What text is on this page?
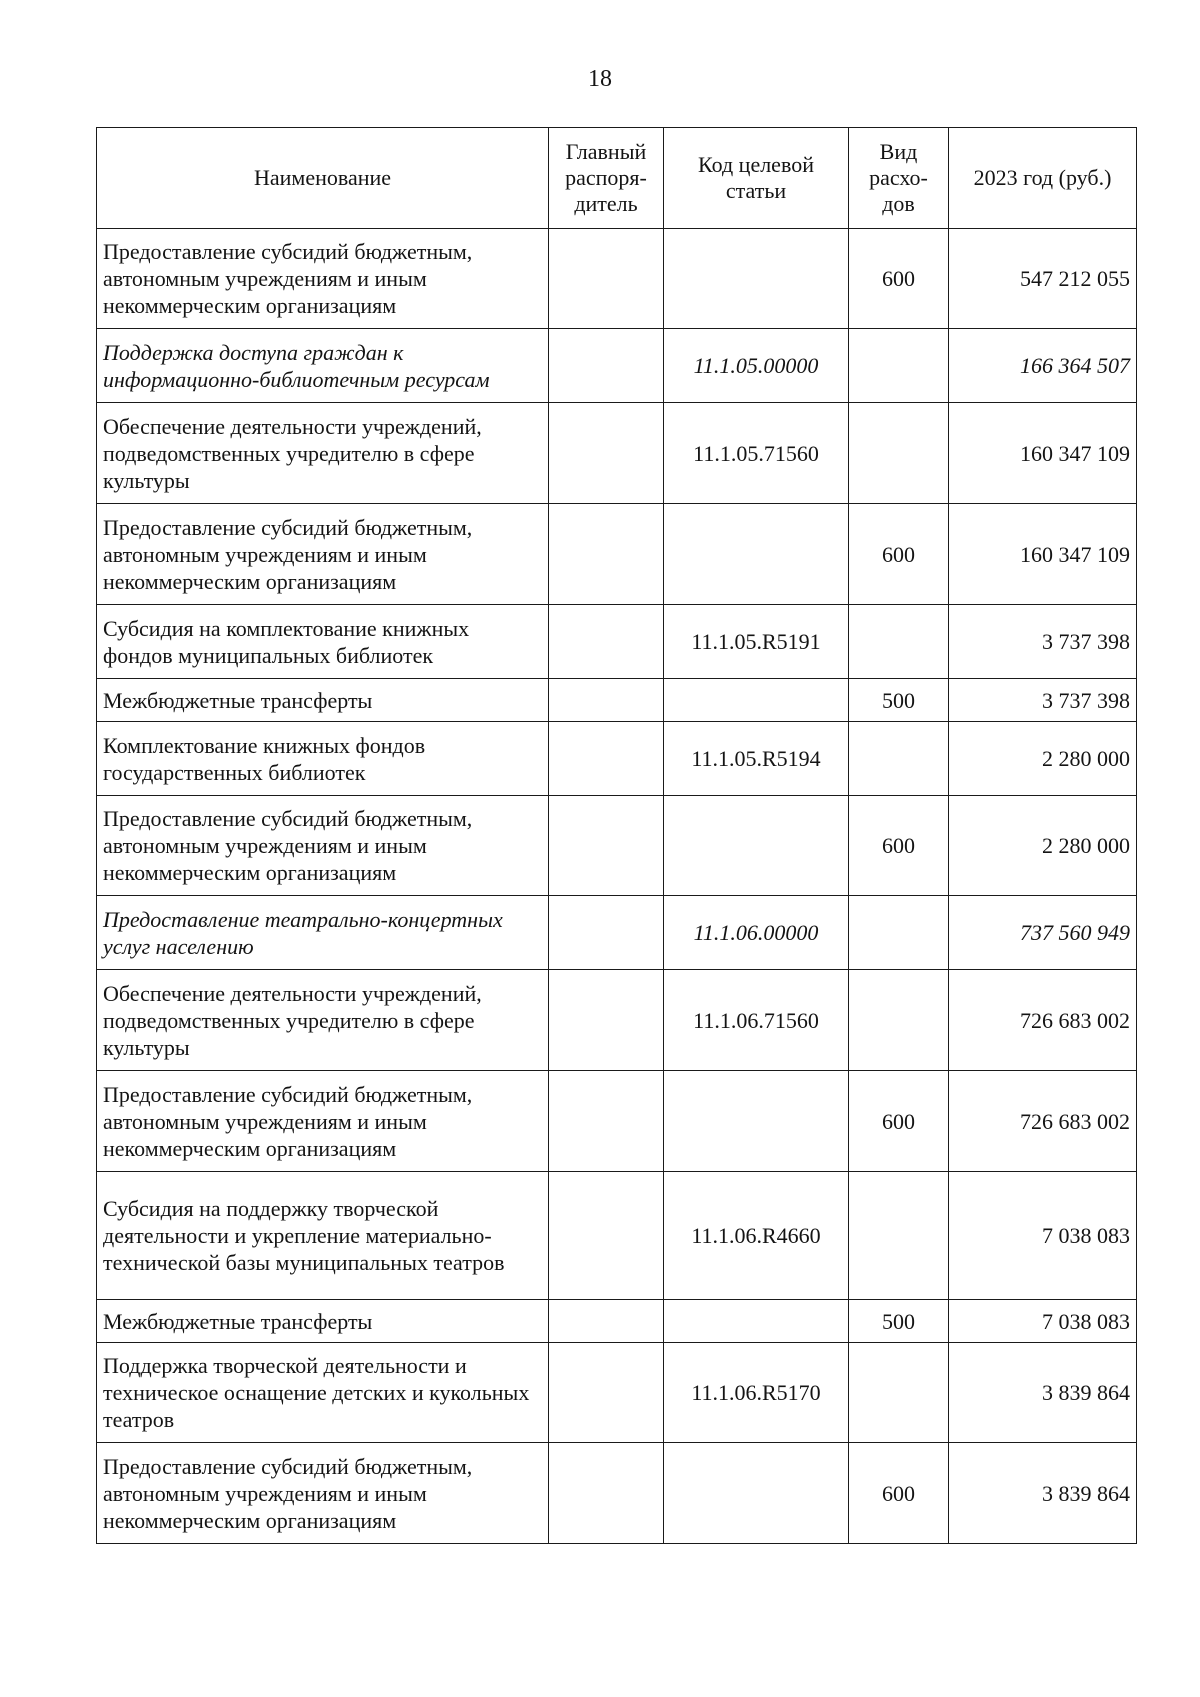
18
Наименование	Главный распоря-дитель	Код целевой статьи	Вид расхо-дов	2023 год (руб.)
Предоставление субсидий бюджетным, автономным учреждениям и иным некоммерческим организациям			600	547 212 055
Поддержка доступа граждан к информационно-библиотечным ресурсам		11.1.05.00000		166 364 507
Обеспечение деятельности учреждений, подведомственных учредителю в сфере культуры		11.1.05.71560		160 347 109
Предоставление субсидий бюджетным, автономным учреждениям и иным некоммерческим организациям			600	160 347 109
Субсидия на комплектование книжных фондов муниципальных библиотек		11.1.05.R5191		3 737 398
Межбюджетные трансферты			500	3 737 398
Комплектование книжных фондов государственных библиотек		11.1.05.R5194		2 280 000
Предоставление субсидий бюджетным, автономным учреждениям и иным некоммерческим организациям			600	2 280 000
Предоставление театрально-концертных услуг населению		11.1.06.00000		737 560 949
Обеспечение деятельности учреждений, подведомственных учредителю в сфере культуры		11.1.06.71560		726 683 002
Предоставление субсидий бюджетным, автономным учреждениям и иным некоммерческим организациям			600	726 683 002
Субсидия на поддержку творческой деятельности и укрепление материально-технической базы муниципальных театров		11.1.06.R4660		7 038 083
Межбюджетные трансферты			500	7 038 083
Поддержка творческой деятельности и техническое оснащение детских и кукольных театров		11.1.06.R5170		3 839 864
Предоставление субсидий бюджетным, автономным учреждениям и иным некоммерческим организациям			600	3 839 864
